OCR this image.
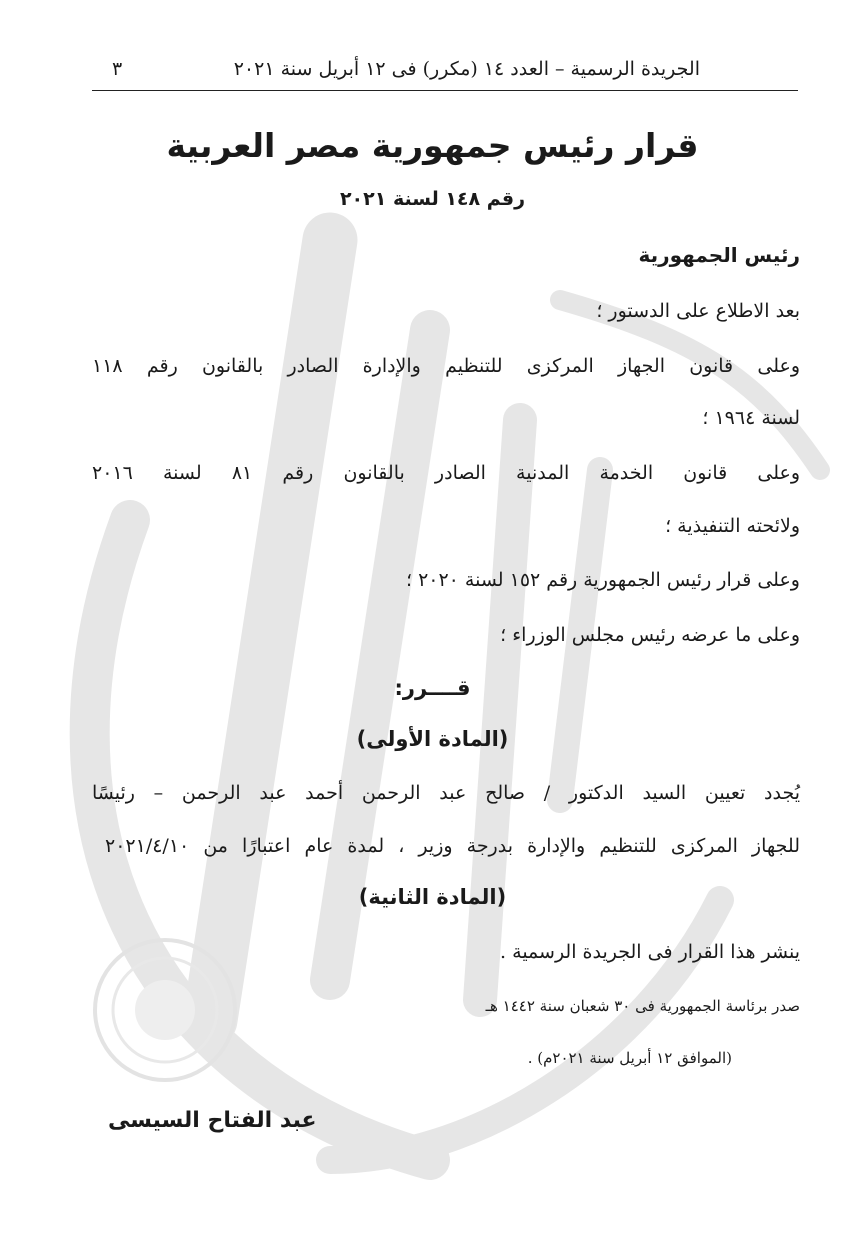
الجريدة الرسمية – العدد ١٤ (مكرر) فى ١٢ أبريل سنة ٢٠٢١
٣
قرار رئيس جمهورية مصر العربية
رقم ١٤٨ لسنة ٢٠٢١
رئيس الجمهورية
بعد الاطلاع على الدستور ؛
وعلى قانون الجهاز المركزى للتنظيم والإدارة الصادر بالقانون رقم ١١٨
لسنة ١٩٦٤ ؛
وعلى قانون الخدمة المدنية الصادر بالقانون رقم ٨١ لسنة ٢٠١٦
ولائحته التنفيذية ؛
وعلى قرار رئيس الجمهورية رقم ١٥٢ لسنة ٢٠٢٠ ؛
وعلى ما عرضه رئيس مجلس الوزراء ؛
قــــرر:
(المادة الأولى)
يُجدد تعيين السيد الدكتور / صالح عبد الرحمن أحمد عبد الرحمن – رئيسًا
للجهاز المركزى للتنظيم والإدارة بدرجة وزير ، لمدة عام اعتبارًا من ٢٠٢١/٤/١٠
(المادة الثانية)
ينشر هذا القرار فى الجريدة الرسمية .
صدر برئاسة الجمهورية فى ٣٠ شعبان سنة ١٤٤٢ هـ
(الموافق ١٢ أبريل سنة ٢٠٢١م) .
عبد الفتاح السيسى
